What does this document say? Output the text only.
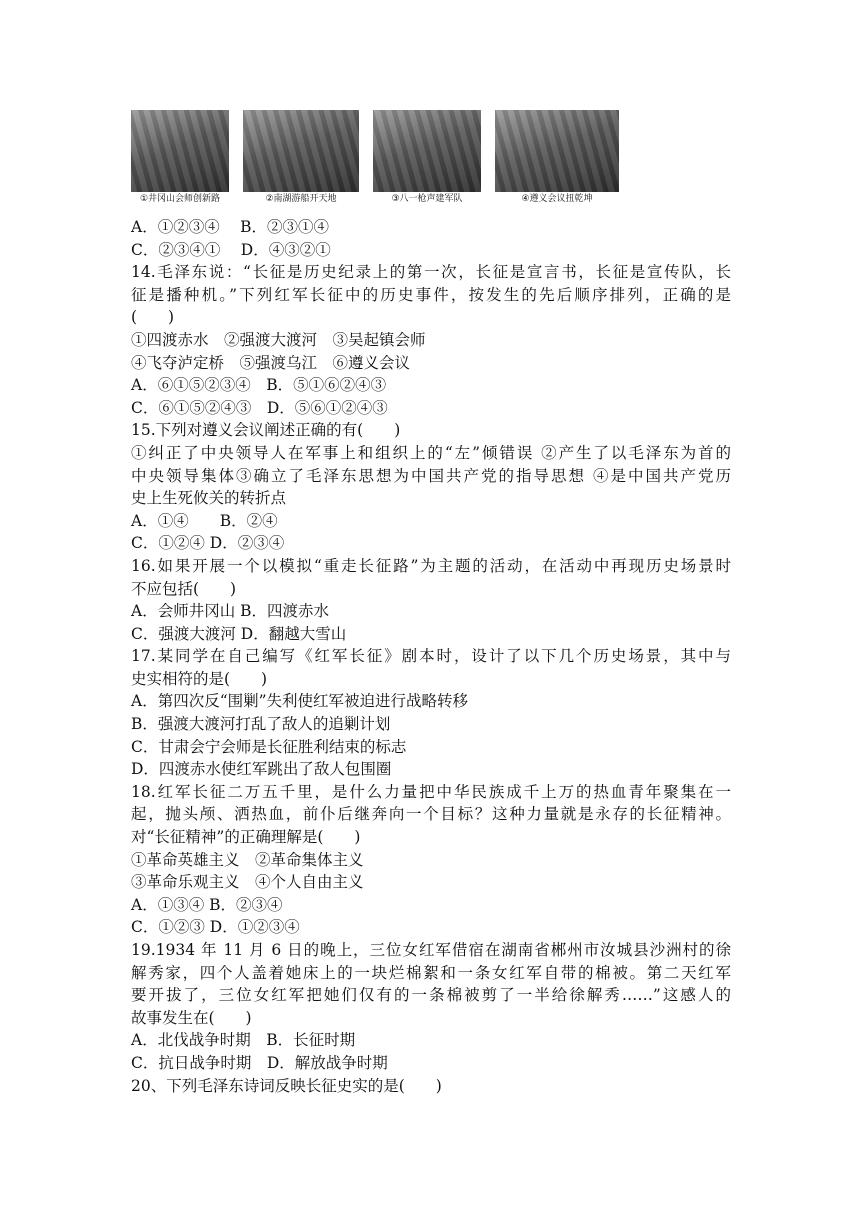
①井冈山会师创新路	②南湖游船开天地	③八一枪声建军队	④遵义会议扭乾坤
A．①②③④　 B．②③①④
C．②③④①　 D．④③②①
14.毛泽东说：“长征是历史纪录上的第一次，长征是宣言书，长征是宣传队，长
征是播种机。”下列红军长征中的历史事件，按发生的先后顺序排列，正确的是
(　　)
①四渡赤水　②强渡大渡河　③吴起镇会师
④飞夺泸定桥　⑤强渡乌江　⑥遵义会议
A．⑥①⑤②③④　B．⑤①⑥②④③
C．⑥①⑤②④③　D．⑤⑥①②④③
15.下列对遵义会议阐述正确的有(　　)
①纠正了中央领导人在军事上和组织上的“左”倾错误 ②产生了以毛泽东为首的
中央领导集体③确立了毛泽东思想为中国共产党的指导思想 ④是中国共产党历
史上生死攸关的转折点
A．①④　　B．②④
C．①②④ D．②③④
16.如果开展一个以模拟“重走长征路”为主题的活动，在活动中再现历史场景时
不应包括(　　)
A．会师井冈山 B．四渡赤水
C．强渡大渡河 D．翻越大雪山
17.某同学在自己编写《红军长征》剧本时，设计了以下几个历史场景，其中与
史实相符的是(　　)
A．第四次反“围剿”失利使红军被迫进行战略转移
B．强渡大渡河打乱了敌人的追剿计划
C．甘肃会宁会师是长征胜利结束的标志
D．四渡赤水使红军跳出了敌人包围圈
18.红军长征二万五千里，是什么力量把中华民族成千上万的热血青年聚集在一
起，抛头颅、洒热血，前仆后继奔向一个目标？这种力量就是永存的长征精神。
对“长征精神”的正确理解是(　　)
①革命英雄主义　②革命集体主义
③革命乐观主义　④个人自由主义
A．①③④ B．②③④
C．①②③ D．①②③④
19.1934 年 11 月 6 日的晚上，三位女红军借宿在湖南省郴州市汝城县沙洲村的徐
解秀家，四个人盖着她床上的一块烂棉絮和一条女红军自带的棉被。第二天红军
要开拔了，三位女红军把她们仅有的一条棉被剪了一半给徐解秀……”这感人的
故事发生在(　　)
A．北伐战争时期　B．长征时期
C．抗日战争时期　D．解放战争时期
20、下列毛泽东诗词反映长征史实的是(　　)
